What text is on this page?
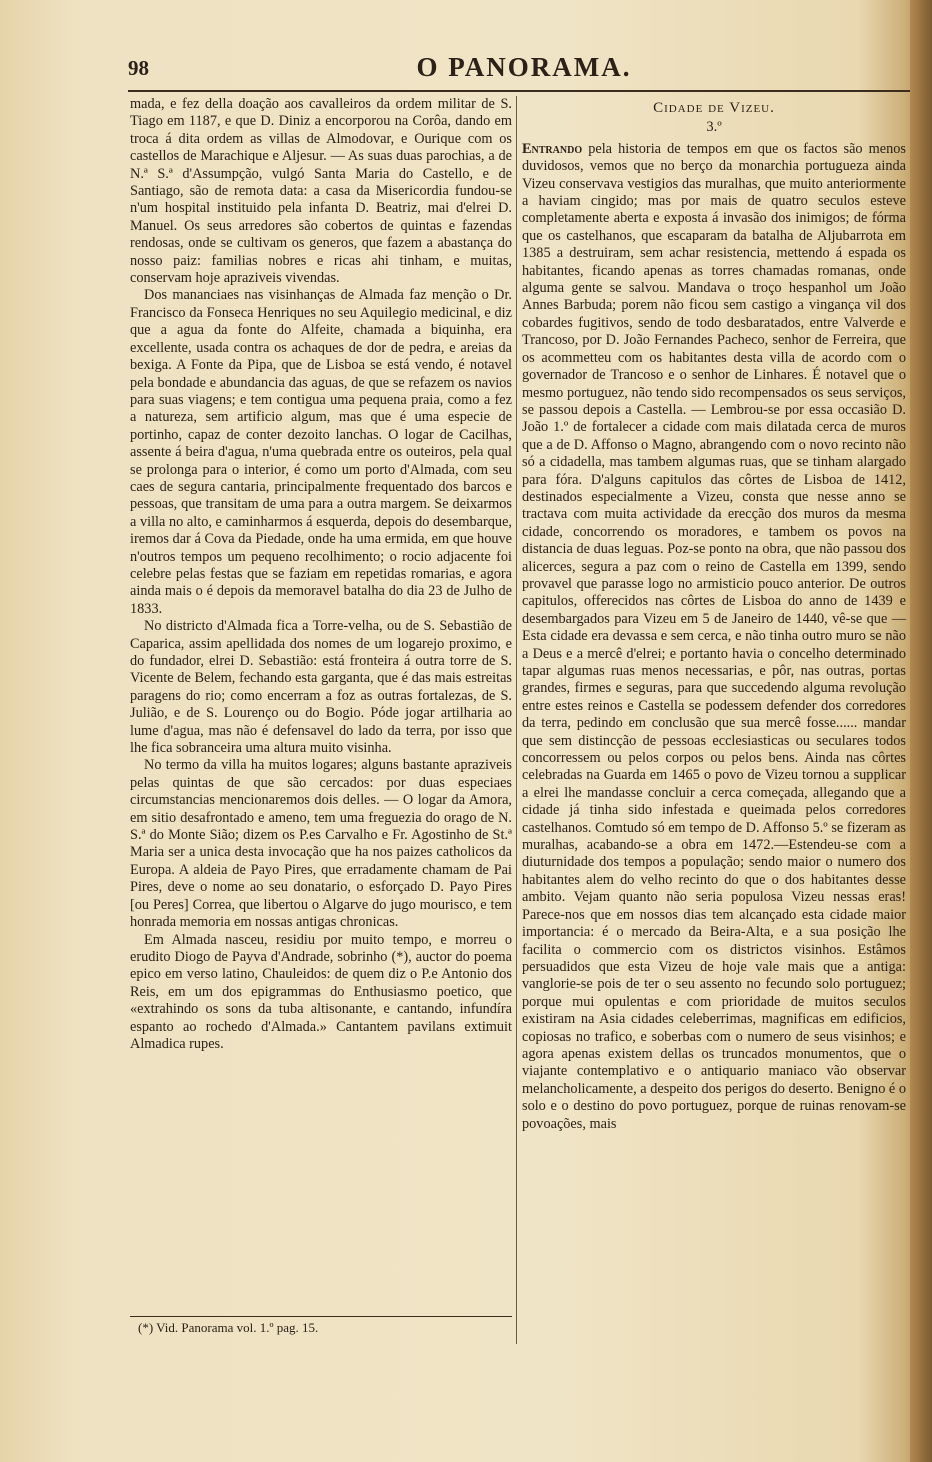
98	O PANORAMA.

mada, e fez della doação aos cavalleiros da ordem militar de S. Tiago em 1187, e que D. Diniz a encorporou na Corôa, dando em troca á dita ordem as villas de Almodovar, e Ourique com os castellos de Marachique e Aljesur. — As suas duas parochias, a de N.ª S.ª d'Assumpção, vulgó Santa Maria do Castello, e de Santiago, são de remota data: a casa da Misericordia fundou-se n'um hospital instituido pela infanta D. Beatriz, mai d'elrei D. Manuel. Os seus arredores são cobertos de quintas e fazendas rendosas, onde se cultivam os generos, que fazem a abastança do nosso paiz: familias nobres e ricas ahi tinham, e muitas, conservam hoje apraziveis vivendas.

Dos mananciaes nas visinhanças de Almada faz menção o Dr. Francisco da Fonseca Henriques no seu Aquilegio medicinal, e diz que a agua da fonte do Alfeite, chamada a biquinha, era excellente, usada contra os achaques de dor de pedra, e areias da bexiga. A Fonte da Pipa, que de Lisboa se está vendo, é notavel pela bondade e abundancia das aguas, de que se refazem os navios para suas viagens; e tem contigua uma pequena praia, como a fez a natureza, sem artificio algum, mas que é uma especie de portinho, capaz de conter dezoito lanchas. O logar de Cacilhas, assente á beira d'agua, n'uma quebrada entre os outeiros, pela qual se prolonga para o interior, é como um porto d'Almada, com seu caes de segura cantaria, principalmente frequentado dos barcos e pessoas, que transitam de uma para a outra margem. Se deixarmos a villa no alto, e caminharmos á esquerda, depois do desembarque, iremos dar á Cova da Piedade, onde ha uma ermida, em que houve n'outros tempos um pequeno recolhimento; o rocio adjacente foi celebre pelas festas que se faziam em repetidas romarias, e agora ainda mais o é depois da memoravel batalha do dia 23 de Julho de 1833.

No districto d'Almada fica a Torre-velha, ou de S. Sebastião de Caparica, assim apellidada dos nomes de um logarejo proximo, e do fundador, elrei D. Sebastião: está fronteira á outra torre de S. Vicente de Belem, fechando esta garganta, que é das mais estreitas paragens do rio; como encerram a foz as outras fortalezas, de S. Julião, e de S. Lourenço ou do Bogio. Póde jogar artilharia ao lume d'agua, mas não é defensavel do lado da terra, por isso que lhe fica sobranceira uma altura muito visinha.

No termo da villa ha muitos logares; alguns bastante apraziveis pelas quintas de que são cercados: por duas especiaes circumstancias mencionaremos dois delles. — O logar da Amora, em sitio desafrontado e ameno, tem uma freguezia do orago de N. S.ª do Monte Sião; dizem os P.es Carvalho e Fr. Agostinho de St.ª Maria ser a unica desta invocação que ha nos paizes catholicos da Europa. A aldeia de Payo Pires, que erradamente chamam de Pai Pires, deve o nome ao seu donatario, o esforçado D. Payo Pires [ou Peres] Correa, que libertou o Algarve do jugo mourisco, e tem honrada memoria em nossas antigas chronicas.

Em Almada nasceu, residiu por muito tempo, e morreu o erudito Diogo de Payva d'Andrade, sobrinho (*), auctor do poema epico em verso latino, Chauleidos: de quem diz o P.e Antonio dos Reis, em um dos epigrammas do Enthusiasmo poetico, que «extrahindo os sons da tuba altisonante, e cantando, infundíra espanto ao rochedo d'Almada.» Cantantem pavilans extimuit Almadica rupes.

Cidade de Vizeu.
3.º

Entrando pela historia de tempos em que os factos são menos duvidosos, vemos que no berço da monarchia portugueza ainda Vizeu conservava vestigios das muralhas, que muito anteriormente a haviam cingido; mas por mais de quatro seculos esteve completamente aberta e exposta á invasão dos inimigos; de fórma que os castelhanos, que escaparam da batalha de Aljubarrota em 1385 a destruiram, sem achar resistencia, mettendo á espada os habitantes, ficando apenas as torres chamadas romanas, onde alguma gente se salvou. Mandava o troço hespanhol um João Annes Barbuda; porem não ficou sem castigo a vingança vil dos cobardes fugitivos, sendo de todo desbaratados, entre Valverde e Trancoso, por D. João Fernandes Pacheco, senhor de Ferreira, que os acommetteu com os habitantes desta villa de acordo com o governador de Trancoso e o senhor de Linhares. É notavel que o mesmo portuguez, não tendo sido recompensados os seus serviços, se passou depois a Castella. — Lembrou-se por essa occasião D. João 1.º de fortalecer a cidade com mais dilatada cerca de muros que a de D. Affonso o Magno, abrangendo com o novo recinto não só a cidadella, mas tambem algumas ruas, que se tinham alargado para fóra. D'alguns capitulos das côrtes de Lisboa de 1412, destinados especialmente a Vizeu, consta que nesse anno se tractava com muita actividade da erecção dos muros da mesma cidade, concorrendo os moradores, e tambem os povos na distancia de duas leguas. Poz-se ponto na obra, que não passou dos alicerces, segura a paz com o reino de Castella em 1399, sendo provavel que parasse logo no armisticio pouco anterior. De outros capitulos, offerecidos nas côrtes de Lisboa do anno de 1439 e desembargados para Vizeu em 5 de Janeiro de 1440, vê-se que — Esta cidade era devassa e sem cerca, e não tinha outro muro se não a Deus e a mercê d'elrei; e portanto havia o concelho determinado tapar algumas ruas menos necessarias, e pôr, nas outras, portas grandes, firmes e seguras, para que succedendo alguma revolução entre estes reinos e Castella se podessem defender dos corredores da terra, pedindo em conclusão que sua mercê fosse...... mandar que sem distincção de pessoas ecclesiasticas ou seculares todos concorressem ou pelos corpos ou pelos bens. Ainda nas côrtes celebradas na Guarda em 1465 o povo de Vizeu tornou a supplicar a elrei lhe mandasse concluir a cerca começada, allegando que a cidade já tinha sido infestada e queimada pelos corredores castelhanos. Comtudo só em tempo de D. Affonso 5.º se fizeram as muralhas, acabando-se a obra em 1472.—Estendeu-se com a diuturnidade dos tempos a população; sendo maior o numero dos habitantes alem do velho recinto do que o dos habitantes desse ambito. Vejam quanto não seria populosa Vizeu nessas eras! Parece-nos que em nossos dias tem alcançado esta cidade maior importancia: é o mercado da Beira-Alta, e a sua posição lhe facilita o commercio com os districtos visinhos. Estâmos persuadidos que esta Vizeu de hoje vale mais que a antiga: vanglorie-se pois de ter o seu assento no fecundo solo portuguez; porque mui opulentas e com prioridade de muitos seculos existiram na Asia cidades celeberrimas, magnificas em edificios, copiosas no trafico, e soberbas com o numero de seus visinhos; e agora apenas existem dellas os truncados monumentos, que o viajante contemplativo e o antiquario maniaco vão observar melancholicamente, a despeito dos perigos do deserto. Benigno é o solo e o destino do povo portuguez, porque de ruinas renovam-se povoações, mais

(*) Vid. Panorama vol. 1.º pag. 15.
